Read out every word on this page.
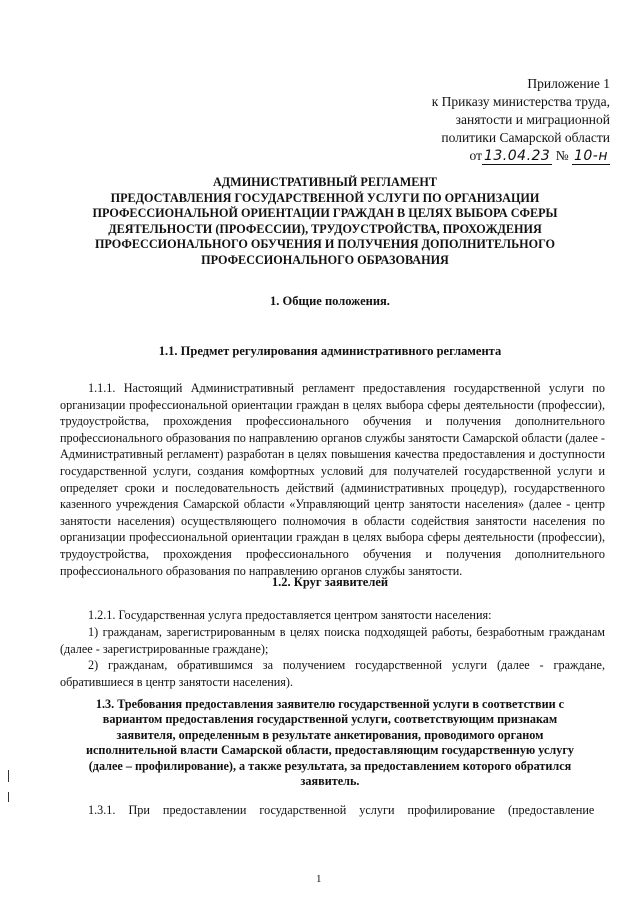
Приложение 1
к Приказу министерства труда,
занятости и миграционной
политики Самарской области
от 13.04.23 № 10-н
АДМИНИСТРАТИВНЫЙ РЕГЛАМЕНТ
ПРЕДОСТАВЛЕНИЯ ГОСУДАРСТВЕННОЙ УСЛУГИ ПО ОРГАНИЗАЦИИ
ПРОФЕССИОНАЛЬНОЙ ОРИЕНТАЦИИ ГРАЖДАН В ЦЕЛЯХ ВЫБОРА СФЕРЫ
ДЕЯТЕЛЬНОСТИ (ПРОФЕССИИ), ТРУДОУСТРОЙСТВА, ПРОХОЖДЕНИЯ
ПРОФЕССИОНАЛЬНОГО ОБУЧЕНИЯ И ПОЛУЧЕНИЯ ДОПОЛНИТЕЛЬНОГО
ПРОФЕССИОНАЛЬНОГО ОБРАЗОВАНИЯ
1. Общие положения.
1.1. Предмет регулирования административного регламента
1.1.1. Настоящий Административный регламент предоставления государственной услуги по организации профессиональной ориентации граждан в целях выбора сферы деятельности (профессии), трудоустройства, прохождения профессионального обучения и получения дополнительного профессионального образования по направлению органов службы занятости Самарской области (далее - Административный регламент) разработан в целях повышения качества предоставления и доступности государственной услуги, создания комфортных условий для получателей государственной услуги и определяет сроки и последовательность действий (административных процедур), государственного казенного учреждения Самарской области «Управляющий центр занятости населения» (далее - центр занятости населения) осуществляющего полномочия в области содействия занятости населения по организации профессиональной ориентации граждан в целях выбора сферы деятельности (профессии), трудоустройства, прохождения профессионального обучения и получения дополнительного профессионального образования по направлению органов службы занятости.
1.2. Круг заявителей
1.2.1. Государственная услуга предоставляется центром занятости населения:
1) гражданам, зарегистрированным в целях поиска подходящей работы, безработным гражданам (далее - зарегистрированные граждане);
2) гражданам, обратившимся за получением государственной услуги (далее - граждане, обратившиеся в центр занятости населения).
1.3. Требования предоставления заявителю государственной услуги в соответствии с
вариантом предоставления государственной услуги, соответствующим признакам
заявителя, определенным в результате анкетирования, проводимого органом
исполнительной власти Самарской области, предоставляющим государственную услугу
(далее – профилирование), а также результата, за предоставлением которого обратился
заявитель.
1.3.1. При предоставлении государственной услуги профилирование (предоставление
1
